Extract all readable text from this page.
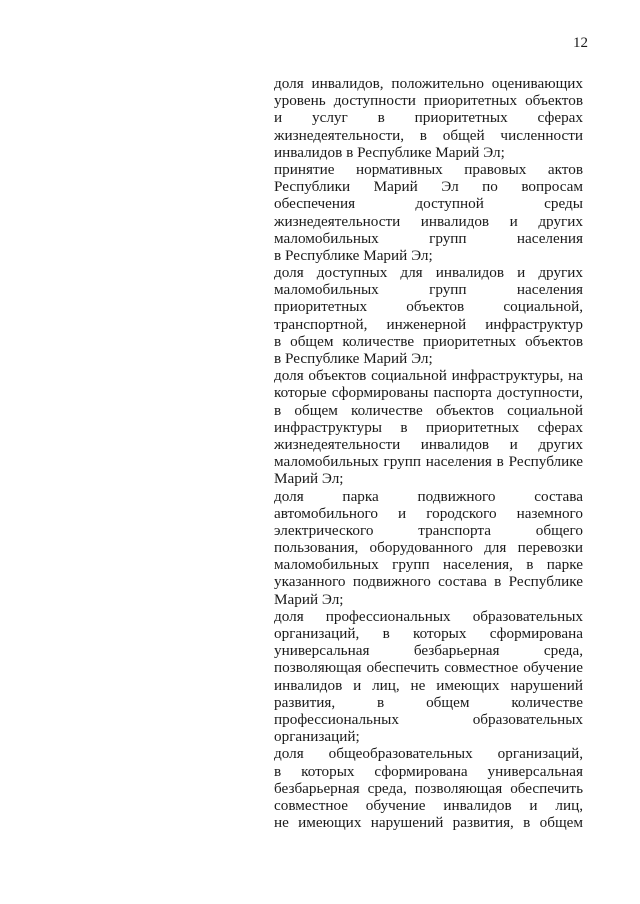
12
доля инвалидов, положительно оценивающих
уровень доступности приоритетных объектов
и услуг в приоритетных сферах
жизнедеятельности, в общей численности
инвалидов в Республике Марий Эл;
принятие нормативных правовых актов
Республики Марий Эл по вопросам
обеспечения доступной среды
жизнедеятельности инвалидов и других
маломобильных групп населения
в Республике Марий Эл;
доля доступных для инвалидов и других
маломобильных групп населения
приоритетных объектов социальной,
транспортной, инженерной инфраструктур
в общем количестве приоритетных объектов
в Республике Марий Эл;
доля объектов социальной инфраструктуры, на
которые сформированы паспорта доступности,
в общем количестве объектов социальной
инфраструктуры в приоритетных сферах
жизнедеятельности инвалидов и других
маломобильных групп населения в Республике
Марий Эл;
доля парка подвижного состава
автомобильного и городского наземного
электрического транспорта общего
пользования, оборудованного для перевозки
маломобильных групп населения, в парке
указанного подвижного состава в Республике
Марий Эл;
доля профессиональных образовательных
организаций, в которых сформирована
универсальная безбарьерная среда,
позволяющая обеспечить совместное обучение
инвалидов и лиц, не имеющих нарушений
развития, в общем количестве
профессиональных образовательных
организаций;
доля общеобразовательных организаций,
в которых сформирована универсальная
безбарьерная среда, позволяющая обеспечить
совместное обучение инвалидов и лиц,
не имеющих нарушений развития, в общем
